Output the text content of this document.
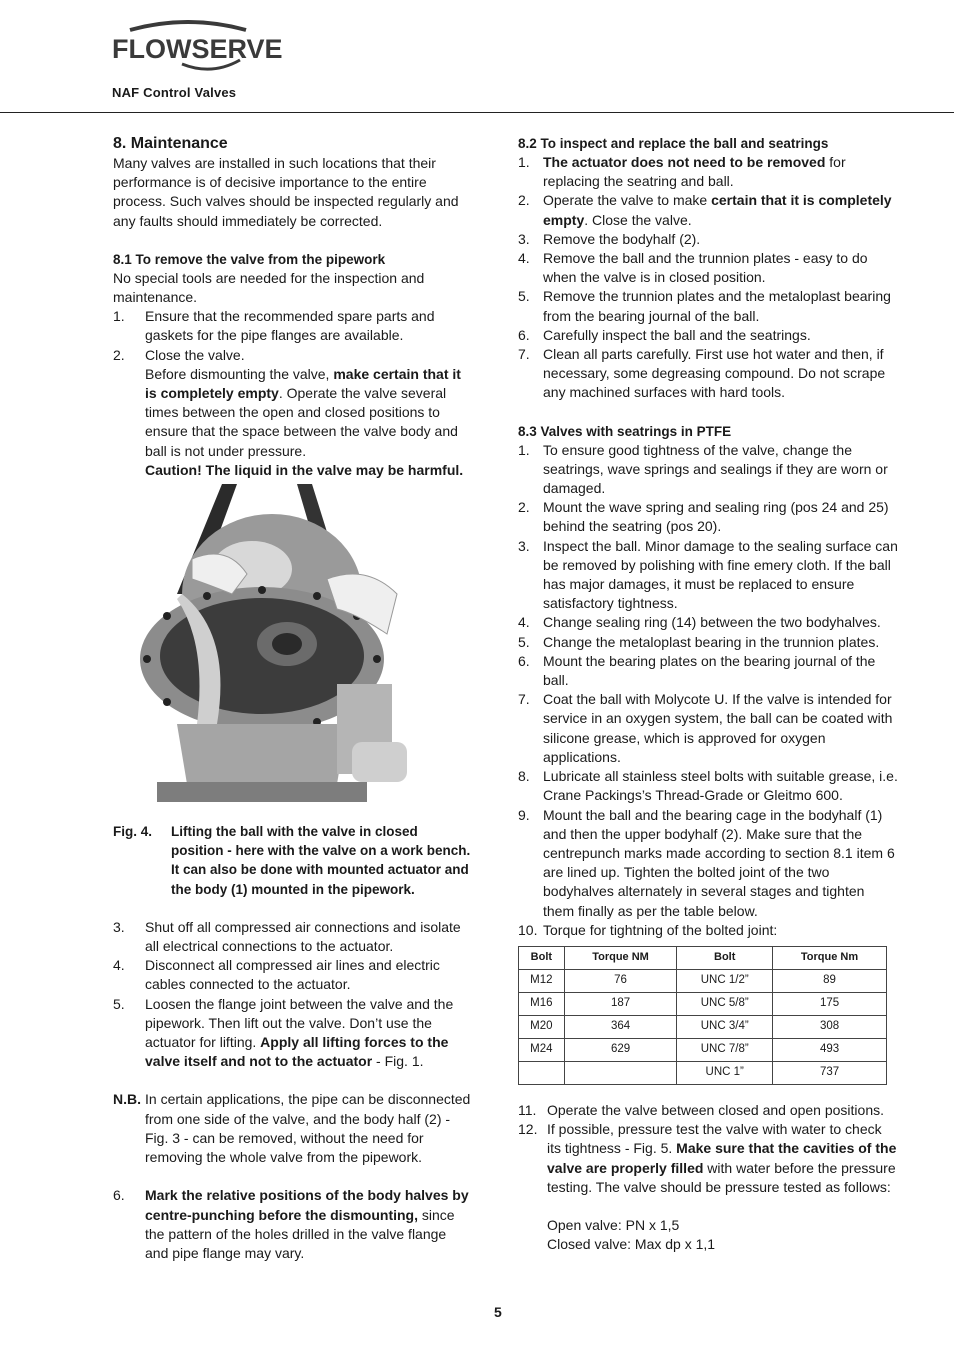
FLOWSERVE
NAF Control Valves
8. Maintenance

Many valves are installed in such locations that their performance is of decisive importance to the entire process. Such valves should be inspected regularly and any faults should immediately be corrected.

8.1 To remove the valve from the pipework

No special tools are needed for the inspection and maintenance.

1.	Ensure that the recommended spare parts and gaskets for the pipe flanges are available.
2.	Close the valve.
Before dismounting the valve, make certain that it is completely empty. Operate the valve several times between the open and closed positions to ensure that the space between the valve body and ball is not under pressure.
Caution! The liquid in the valve may be harmful.
Fig. 4.	Lifting the ball with the valve in closed position - here with the valve on a work bench. It can also be done with mounted actuator and the body (1) mounted in the pipework.
3.	Shut off all compressed air connections and isolate all electrical connections to the actuator.
4.	Disconnect all compressed air lines and electric cables connected to the actuator.
5.	Loosen the flange joint between the valve and the pipework. Then lift out the valve. Don’t use the actuator for lifting. Apply all lifting forces to the valve itself and not to the actuator - Fig. 1.
N.B. In certain applications, the pipe can be disconnected from one side of the valve, and the body half (2) - Fig. 3 - can be removed, without the need for removing the whole valve from the pipework.
6.	Mark the relative positions of the body halves by centre-punching before the dismounting, since the pattern of the holes drilled in the valve flange and pipe flange may vary.
8.2 To inspect and replace the ball and seatrings
1. The actuator does not need to be removed for replacing the seatring and ball.
2. Operate the valve to make certain that it is completely empty. Close the valve.
3. Remove the bodyhalf (2).
4. Remove the ball and the trunnion plates - easy to do when the valve is in closed position.
5. Remove the trunnion plates and the metaloplast bearing from the bearing journal of the ball.
6. Carefully inspect the ball and the seatrings.
7. Clean all parts carefully. First use hot water and then, if necessary, some degreasing compound. Do not scrape any machined surfaces with hard tools.
8.3 Valves with seatrings in PTFE
1. To ensure good tightness of the valve, change the seatrings, wave springs and sealings if they are worn or damaged.
2. Mount the wave spring and sealing ring (pos 24 and 25) behind the seatring (pos 20).
3. Inspect the ball. Minor damage to the sealing surface can be removed by polishing with fine emery cloth. If the ball has major damages, it must be replaced to ensure satisfactory tightness.
4. Change sealing ring (14) between the two bodyhalves.
5. Change the metaloplast bearing in the trunnion plates.
6. Mount the bearing plates on the bearing journal of the ball.
7. Coat the ball with Molycote U. If the valve is intended for service in an oxygen system, the ball can be coated with silicone grease, which is approved for oxygen applications.
8. Lubricate all stainless steel bolts with suitable grease, i.e. Crane Packings’s Thread-Grade or Gleitmo 600.
9. Mount the ball and the bearing cage in the bodyhalf (1) and then the upper bodyhalf (2). Make sure that the centrepunch marks made according to section 8.1 item 6 are lined up. Tighten the bolted joint of the two bodyhalves alternately in several stages and tighten them finally as per the table below.
10. Torque for tightning of the bolted joint:
Bolt	Torque NM	Bolt	Torque Nm
M12	76	UNC 1/2”	89
M16	187	UNC 5/8”	175
M20	364	UNC 3/4”	308
M24	629	UNC 7/8”	493
		UNC 1”	737
11. Operate the valve between closed and open positions.
12. If possible, pressure test the valve with water to check its tightness - Fig. 5. Make sure that the cavities of the valve are properly filled with water before the pressure testing. The valve should be pressure tested as follows:

Open valve: PN x 1,5

Closed valve: Max dp x 1,1

5
